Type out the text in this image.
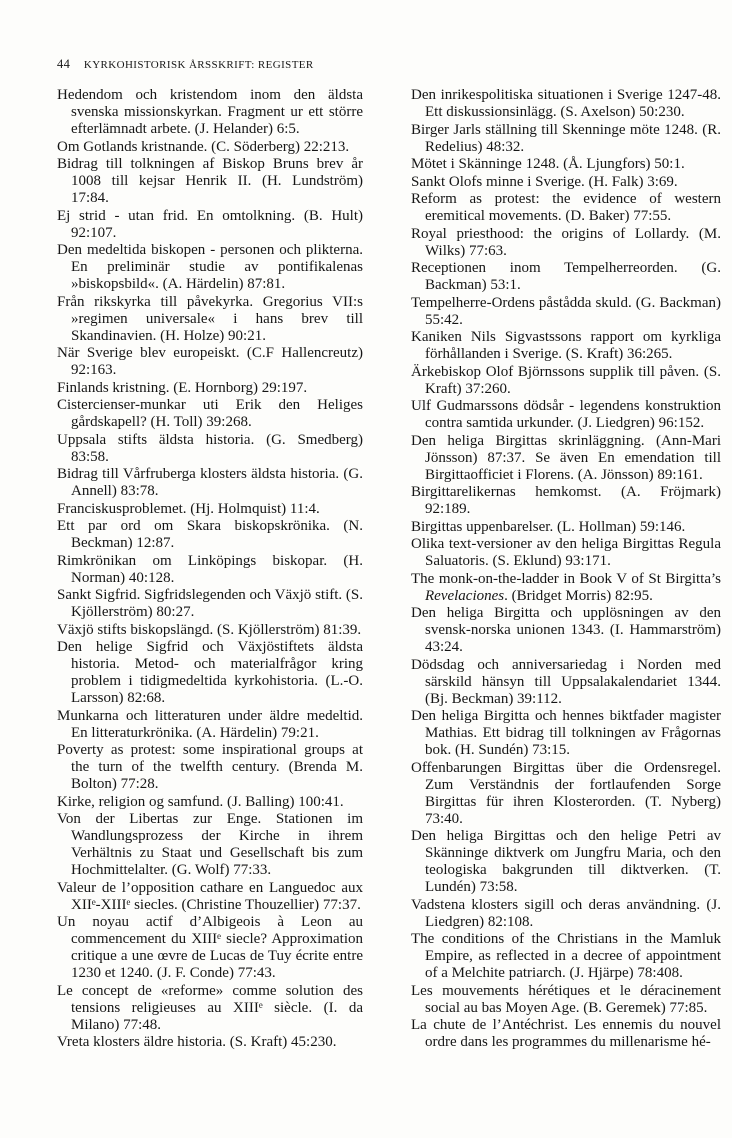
44 KYRKOHISTORISK ÅRSSKRIFT: REGISTER

Hedendom och kristendom inom den äldsta svenska missionskyrkan. Fragment ur ett större efterlämnadt arbete. (J. Helander) 6:5.

Om Gotlands kristnande. (C. Söderberg) 22:213.

Bidrag till tolkningen af Biskop Bruns brev år 1008 till kejsar Henrik II. (H. Lundström) 17:84.

Ej strid - utan frid. En omtolkning. (B. Hult) 92:107.

Den medeltida biskopen - personen och plikterna. En preliminär studie av pontifikalenas »biskopsbild«. (A. Härdelin) 87:81.

Från rikskyrka till påvekyrka. Gregorius VII:s »regimen universale« i hans brev till Skandinavien. (H. Holze) 90:21.

När Sverige blev europeiskt. (C.F Hallencreutz) 92:163.

Finlands kristning. (E. Hornborg) 29:197.

Cistercienser-munkar uti Erik den Heliges gårdskapell? (H. Toll) 39:268.

Uppsala stifts äldsta historia. (G. Smedberg) 83:58.

Bidrag till Vårfruberga klosters äldsta historia. (G. Annell) 83:78.

Franciskusproblemet. (Hj. Holmquist) 11:4.

Ett par ord om Skara biskopskrönika. (N. Beckman) 12:87.

Rimkrönikan om Linköpings biskopar. (H. Norman) 40:128.

Sankt Sigfrid. Sigfridslegenden och Växjö stift. (S. Kjöllerström) 80:27.

Växjö stifts biskopslängd. (S. Kjöllerström) 81:39.

Den helige Sigfrid och Växjöstiftets äldsta historia. Metod- och materialfrågor kring problem i tidigmedeltida kyrkohistoria. (L.-O. Larsson) 82:68.

Munkarna och litteraturen under äldre medeltid. En litteraturkrönika. (A. Härdelin) 79:21.

Poverty as protest: some inspirational groups at the turn of the twelfth century. (Brenda M. Bolton) 77:28.

Kirke, religion og samfund. (J. Balling) 100:41.

Von der Libertas zur Enge. Stationen im Wandlungsprozess der Kirche in ihrem Verhältnis zu Staat und Gesellschaft bis zum Hochmittelalter. (G. Wolf) 77:33.

Valeur de l’opposition cathare en Languedoc aux XIIᵉ-XIIIᵉ siecles. (Christine Thouzellier) 77:37.

Un noyau actif d’Albigeois à Leon au commencement du XIIIᵉ siecle? Approximation critique a une œvre de Lucas de Tuy écrite entre 1230 et 1240. (J. F. Conde) 77:43.

Le concept de «reforme» comme solution des tensions religieuses au XIIIᵉ siècle. (I. da Milano) 77:48.

Vreta klosters äldre historia. (S. Kraft) 45:230.

Den inrikespolitiska situationen i Sverige 1247-48. Ett diskussionsinlägg. (S. Axelson) 50:230.

Birger Jarls ställning till Skenninge möte 1248. (R. Redelius) 48:32.

Mötet i Skänninge 1248. (Å. Ljungfors) 50:1.

Sankt Olofs minne i Sverige. (H. Falk) 3:69.

Reform as protest: the evidence of western eremitical movements. (D. Baker) 77:55.

Royal priesthood: the origins of Lollardy. (M. Wilks) 77:63.

Receptionen inom Tempelherreorden. (G. Backman) 53:1.

Tempelherre-Ordens påstådda skuld. (G. Backman) 55:42.

Kaniken Nils Sigvastssons rapport om kyrkliga förhållanden i Sverige. (S. Kraft) 36:265.

Ärkebiskop Olof Björnssons supplik till påven. (S. Kraft) 37:260.

Ulf Gudmarssons dödsår - legendens konstruktion contra samtida urkunder. (J. Liedgren) 96:152.

Den heliga Birgittas skrinläggning. (Ann-Mari Jönsson) 87:37. Se även En emendation till Birgittaofficiet i Florens. (A. Jönsson) 89:161.

Birgittarelikernas hemkomst. (A. Fröjmark) 92:189.

Birgittas uppenbarelser. (L. Hollman) 59:146.

Olika text-versioner av den heliga Birgittas Regula Saluatoris. (S. Eklund) 93:171.

The monk-on-the-ladder in Book V of St Birgitta’s Revelaciones. (Bridget Morris) 82:95.

Den heliga Birgitta och upplösningen av den svensk-norska unionen 1343. (I. Hammarström) 43:24.

Dödsdag och anniversariedag i Norden med särskild hänsyn till Uppsalakalendariet 1344. (Bj. Beckman) 39:112.

Den heliga Birgitta och hennes biktfader magister Mathias. Ett bidrag till tolkningen av Frågornas bok. (H. Sundén) 73:15.

Offenbarungen Birgittas über die Ordensregel. Zum Verständnis der fortlaufenden Sorge Birgittas für ihren Klosterorden. (T. Nyberg) 73:40.

Den heliga Birgittas och den helige Petri av Skänninge diktverk om Jungfru Maria, och den teologiska bakgrunden till diktverken. (T. Lundén) 73:58.

Vadstena klosters sigill och deras användning. (J. Liedgren) 82:108.

The conditions of the Christians in the Mamluk Empire, as reflected in a decree of appointment of a Melchite patriarch. (J. Hjärpe) 78:408.

Les mouvements hérétiques et le déracinement social au bas Moyen Age. (B. Geremek) 77:85.

La chute de l’Antéchrist. Les ennemis du nouvel ordre dans les programmes du millenarisme hé-
